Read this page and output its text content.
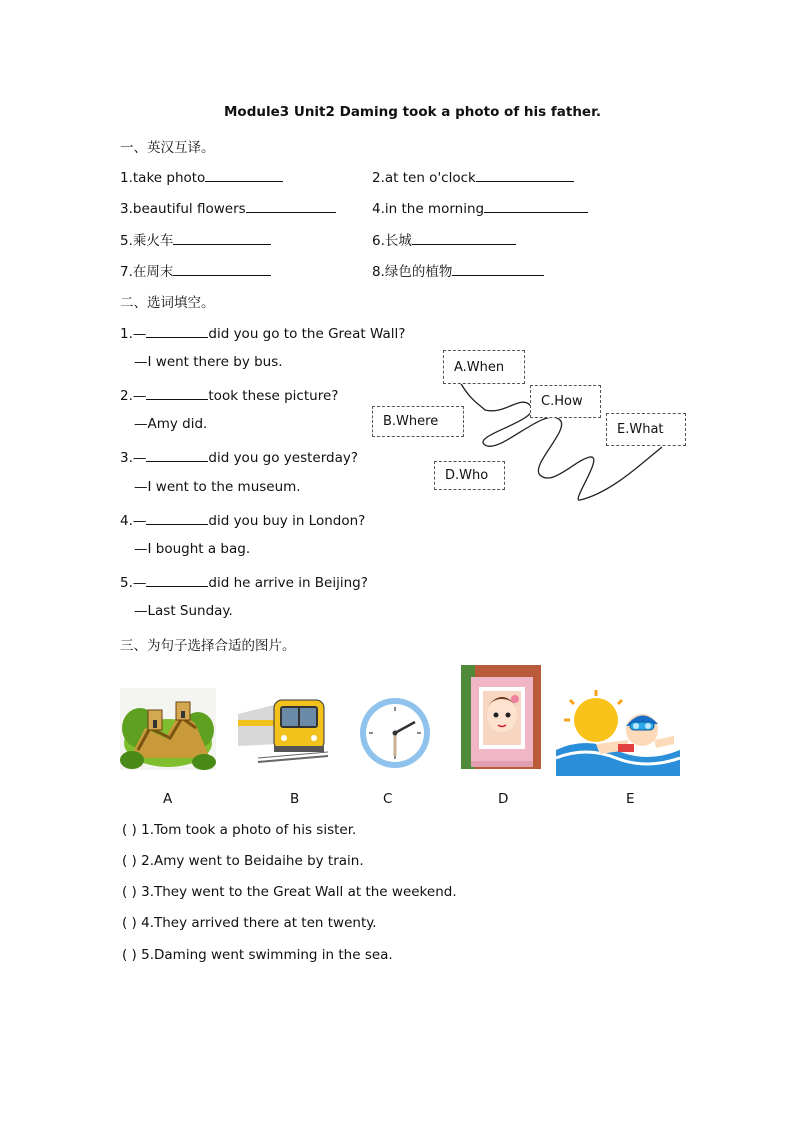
Module3 Unit2 Daming took a photo of his father.
一、英汉互译。
1.take photo	2.at ten o'clock
3.beautiful flowers	4.in the morning
5.乘火车	6.长城
7.在周末	8.绿色的植物
二、选词填空。
1.—	did you go to the Great Wall?
—I went there by bus.
2.—	took these picture?
—Amy did.
3.—	did you go yesterday?
—I went to the museum.
4.—	did you buy in London?
—I bought a bag.
5.—	did he arrive in Beijing?
—Last Sunday.
A.When
C.How
B.Where
E.What
D.Who
三、为句子选择合适的图片。
A	B	C	D	E
( ) 1.Tom took a photo of his sister.
( ) 2.Amy went to Beidaihe by train.
( ) 3.They went to the Great Wall at the weekend.
( ) 4.They arrived there at ten twenty.
( ) 5.Daming went swimming in the sea.
